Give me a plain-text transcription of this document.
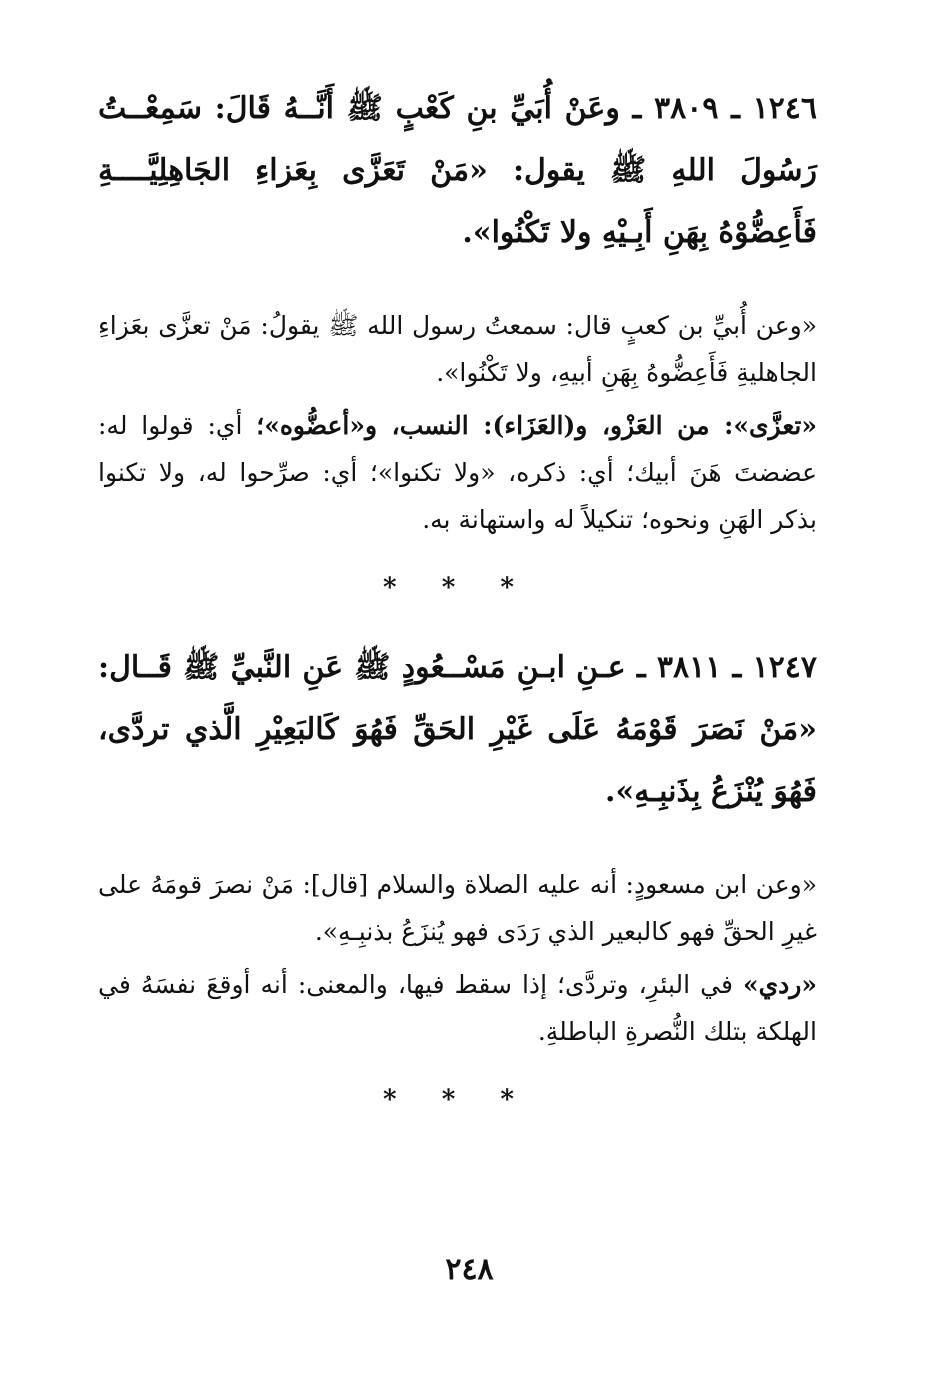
١٢٤٦ ـ ٣٨٠٩ ـ وعَنْ أُبَيِّ بنِ كَعْبٍ ﷺ أَنَّــهُ قَالَ: سَمِعْــتُ رَسُولَ اللهِ ﷺ يقول: «مَنْ تَعَزَّى بِعَزاءِ الجَاهِلِيَّــــةِ فَأَعِضُّوْهُ بِهَنِ أَبِـيْهِ ولا تَكْنُوا».

«وعن أُبيِّ بن كعبٍ قال: سمعتُ رسول الله ﷺ يقولُ: مَنْ تعزَّى بعَزاءِ الجاهليةِ فَأَعِضُّوهُ بِهَنِ أبيهِ، ولا تَكْنُوا».

«تعزَّى»: من العَزْو، و(العَزَاء): النسب، و«أعضُّوه»؛ أي: قولوا له: عضضتَ هَنَ أبيك؛ أي: ذكره، «ولا تكنوا»؛ أي: صرِّحوا له، ولا تكنوا بذكر الهَنِ ونحوه؛ تنكيلاً له واستهانة به.

* * *

١٢٤٧ ـ ٣٨١١ ـ عـنِ ابـنِ مَسْــعُودٍ ﷺ عَنِ النَّبيِّ ﷺ قَــال: «مَنْ نَصَرَ قَوْمَهُ عَلَى غَيْرِ الحَقِّ فَهُوَ كَالبَعِيْرِ الَّذي تردَّى، فَهُوَ يُنْزَعُ بِذَنبِـهِ».

«وعن ابن مسعودٍ: أنه عليه الصلاة والسلام [قال]: مَنْ نصرَ قومَهُ على غيرِ الحقِّ فهو كالبعير الذي رَدَى فهو يُنزَعُ بذنبِـهِ».

«ردي» في البئرِ، وتردَّى؛ إذا سقط فيها، والمعنى: أنه أوقعَ نفسَهُ في الهلكة بتلك النُّصرةِ الباطلةِ.

* * *
٢٤٨
